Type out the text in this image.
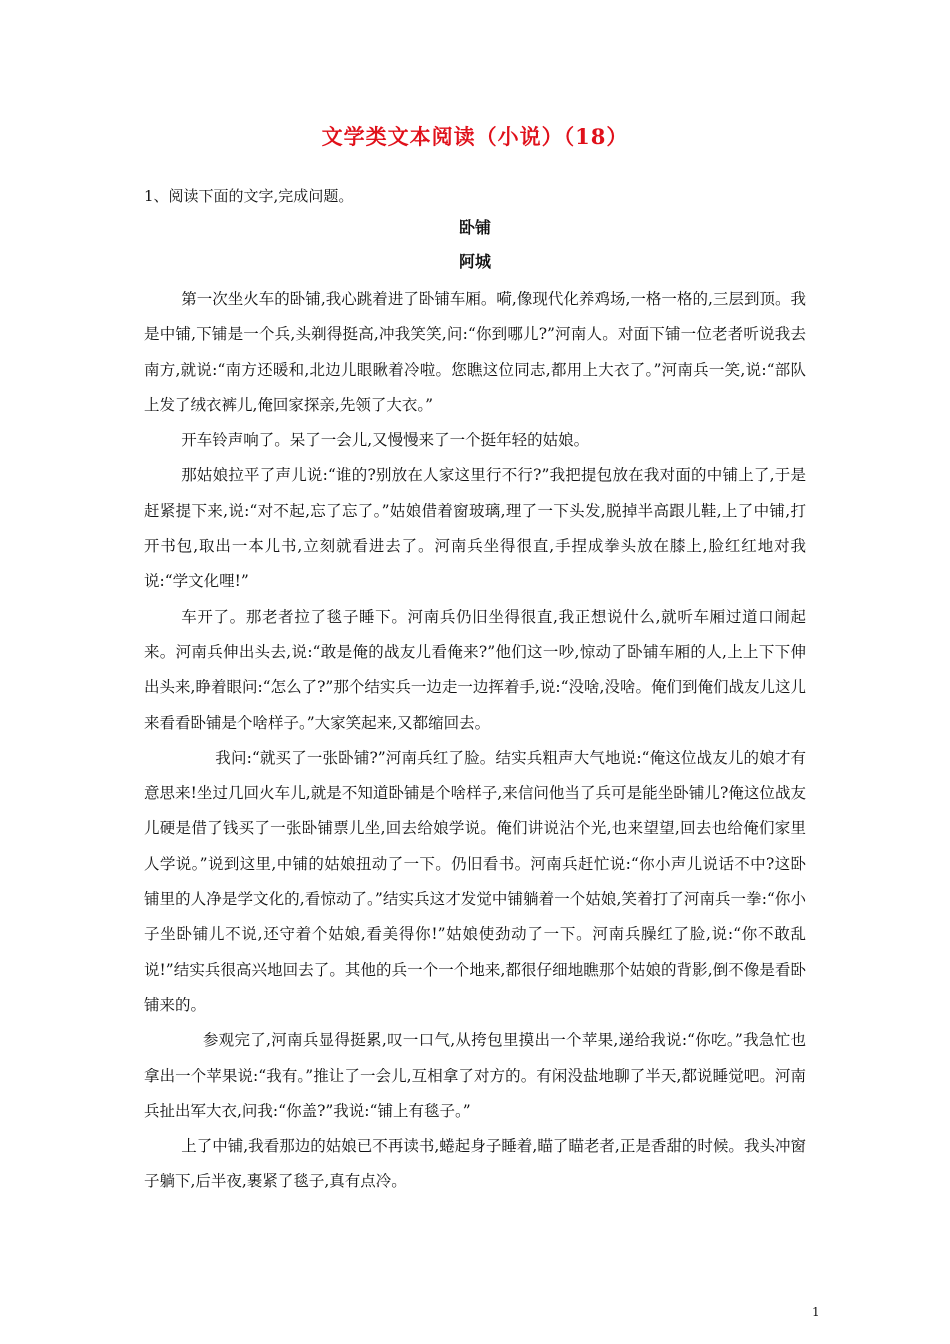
文学类文本阅读（小说）（18）
1、阅读下面的文字,完成问题。
卧铺
阿城

第一次坐火车的卧铺,我心跳着进了卧铺车厢。嗬,像现代化养鸡场,一格一格的,三层到顶。我是中铺,下铺是一个兵,头剃得挺高,冲我笑笑,问:“你到哪儿?”河南人。对面下铺一位老者听说我去南方,就说:“南方还暖和,北边儿眼瞅着冷啦。您瞧这位同志,都用上大衣了。”河南兵一笑,说:“部队上发了绒衣裤儿,俺回家探亲,先领了大衣。”

开车铃声响了。呆了一会儿,又慢慢来了一个挺年轻的姑娘。

那姑娘拉平了声儿说:“谁的?别放在人家这里行不行?”我把提包放在我对面的中铺上了,于是赶紧提下来,说:“对不起,忘了忘了。”姑娘借着窗玻璃,理了一下头发,脱掉半高跟儿鞋,上了中铺,打开书包,取出一本儿书,立刻就看进去了。河南兵坐得很直,手捏成拳头放在膝上,脸红红地对我说:“学文化哩!”

车开了。那老者拉了毯子睡下。河南兵仍旧坐得很直,我正想说什么,就听车厢过道口闹起来。河南兵伸出头去,说:“敢是俺的战友儿看俺来?”他们这一吵,惊动了卧铺车厢的人,上上下下伸出头来,睁着眼问:“怎么了?”那个结实兵一边走一边挥着手,说:“没啥,没啥。俺们到俺们战友儿这儿来看看卧铺是个啥样子。”大家笑起来,又都缩回去。

我问:“就买了一张卧铺?”河南兵红了脸。结实兵粗声大气地说:“俺这位战友儿的娘才有意思来!坐过几回火车儿,就是不知道卧铺是个啥样子,来信问他当了兵可是能坐卧铺儿?俺这位战友儿硬是借了钱买了一张卧铺票儿坐,回去给娘学说。俺们讲说沾个光,也来望望,回去也给俺们家里人学说。”说到这里,中铺的姑娘扭动了一下。仍旧看书。河南兵赶忙说:“你小声儿说话不中?这卧铺里的人净是学文化的,看惊动了。”结实兵这才发觉中铺躺着一个姑娘,笑着打了河南兵一拳:“你小子坐卧铺儿不说,还守着个姑娘,看美得你!”姑娘使劲动了一下。河南兵臊红了脸,说:“你不敢乱说!”结实兵很高兴地回去了。其他的兵一个一个地来,都很仔细地瞧那个姑娘的背影,倒不像是看卧铺来的。

参观完了,河南兵显得挺累,叹一口气,从挎包里摸出一个苹果,递给我说:“你吃。”我急忙也拿出一个苹果说:“我有。”推让了一会儿,互相拿了对方的。有闲没盐地聊了半天,都说睡觉吧。河南兵扯出军大衣,问我:“你盖?”我说:“铺上有毯子。”

上了中铺,我看那边的姑娘已不再读书,蜷起身子睡着,瞄了瞄老者,正是香甜的时候。我头冲窗子躺下,后半夜,裹紧了毯子,真有点冷。

1
